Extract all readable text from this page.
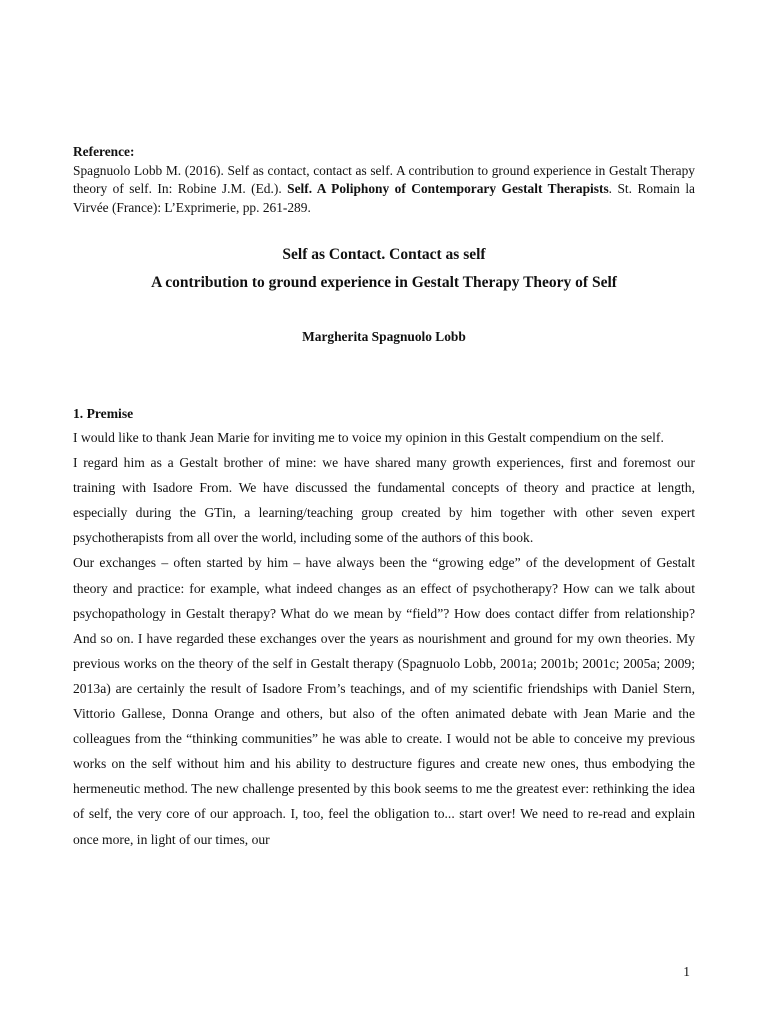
Reference:
Spagnuolo Lobb M. (2016). Self as contact, contact as self. A contribution to ground experience in Gestalt Therapy theory of self. In: Robine J.M. (Ed.). Self. A Poliphony of Contemporary Gestalt Therapists. St. Romain la Virvée (France): L’Exprimerie, pp. 261-289.
Self as Contact. Contact as self
A contribution to ground experience in Gestalt Therapy Theory of Self
Margherita Spagnuolo Lobb
1. Premise

I would like to thank Jean Marie for inviting me to voice my opinion in this Gestalt compendium on the self.

I regard him as a Gestalt brother of mine: we have shared many growth experiences, first and foremost our training with Isadore From. We have discussed the fundamental concepts of theory and practice at length, especially during the GTin, a learning/teaching group created by him together with other seven expert psychotherapists from all over the world, including some of the authors of this book.

Our exchanges – often started by him – have always been the “growing edge” of the development of Gestalt theory and practice: for example, what indeed changes as an effect of psychotherapy? How can we talk about psychopathology in Gestalt therapy? What do we mean by “field”? How does contact differ from relationship? And so on. I have regarded these exchanges over the years as nourishment and ground for my own theories. My previous works on the theory of the self in Gestalt therapy (Spagnuolo Lobb, 2001a; 2001b; 2001c; 2005a; 2009; 2013a) are certainly the result of Isadore From’s teachings, and of my scientific friendships with Daniel Stern, Vittorio Gallese, Donna Orange and others, but also of the often animated debate with Jean Marie and the colleagues from the “thinking communities” he was able to create. I would not be able to conceive my previous works on the self without him and his ability to destructure figures and create new ones, thus embodying the hermeneutic method. The new challenge presented by this book seems to me the greatest ever: rethinking the idea of self, the very core of our approach. I, too, feel the obligation to... start over! We need to re-read and explain once more, in light of our times, our

1
